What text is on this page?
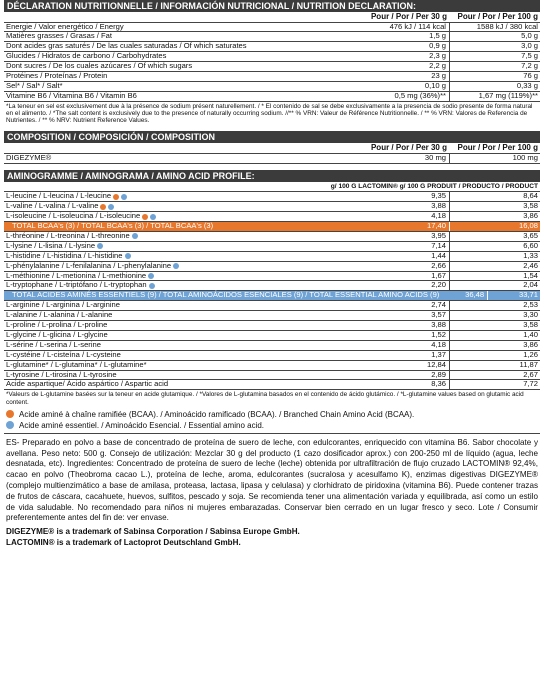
DÉCLARATION NUTRITIONNELLE / INFORMACIÓN NUTRICIONAL / NUTRITION DECLARATION:
Pour / Por / Per 30 g	Pour / Por / Per 100 g
Energie / Valor energético / Energy	476 kJ / 114 kcal	1588 kJ / 380 kcal
Matières grasses / Grasas / Fat	1,5 g	5,0 g
Dont acides gras saturés / De las cuales saturadas / Of which saturates	0,9 g	3,0 g
Glucides / Hidratos de carbono / Carbohydrates	2,3 g	7,5 g
Dont sucres / De los cuales azúcares / Of which sugars	2,2 g	7,2 g
Protéines / Proteínas / Protein	23 g	76 g
Sel* / Sal* / Salt*	0,10 g	0,33 g
Vitamine B6 / Vitamina B6 / Vitamin B6	0,5 mg (36%)**	1,67 mg (119%)**
*La teneur en sel est exclusivement due à la présence de sodium présent naturellement. / * El contenido de sal se debe exclusivamente a la presencia de sodio presente de forma natural en el alimento. / *The salt content is exclusively due to the presence of naturally occurring sodium. //** % VRN: Valeur de Référence Nutritionnelle. / ** % VRN: Valores de Referencia de Nutrientes. / ** % NRV: Nutrient Reference Values.
COMPOSITION / COMPOSICIÓN / COMPOSITION
Pour / Por / Per 30 g	Pour / Por / Per 100 g
DIGEZYME®	30 mg	100 mg
AMINOGRAMME / AMINOGRAMA / AMINO ACID PROFILE:
g/ 100 G LACTOMIN® g/ 100 G PRODUIT / PRODUCTO / PRODUCT
L-leucine / L-leucina / L-leucine	9,35	8,64
L-valine / L-valina / L-valine	3,88	3,58
L-isoleucine / L-isoleucina / L-isoleucine	4,18	3,86
TOTAL BCAA's (3) / TOTAL BCAA's (3) / TOTAL BCAA's (3)	17,40	16,08
L-thréonine / L-treonina / L-threonine	3,95	3,65
L-lysine / L-lisina / L-lysine	7,14	6,60
L-histidine / L-histidina / L-histidine	1,44	1,33
L-phénylalanine / L-fenilalanina / L-phenylalanine	2,66	2,46
L-méthionine / L-metionina / L-methionine	1,67	1,54
L-tryptophane / L-triptófano / L-tryptophan	2,20	2,04
TOTAL ACIDES AMINÉS ESSENTIELS (9) / TOTAL AMINOÁCIDOS ESENCIALES (9) / TOTAL ESSENTIAL AMINO ACIDS (9)	36,48	33,71
L-arginine / L-arginina / L-arginine	2,74	2,53
L-alanine / L-alanina / L-alanine	3,57	3,30
L-proline / L-prolina / L-proline	3,88	3,58
L-glycine / L-glicina / L-glycine	1,52	1,40
L-sérine / L-serina / L-serine	4,18	3,86
L-cystéine / L-cisteína / L-cysteine	1,37	1,26
L-glutamine* / L-glutamina* / L-glutamine*	12,84	11,87
L-tyrosine / L-tirosina / L-tyrosine	2,89	2,67
Acide aspartique/ Ácido aspártico / Aspartic acid	8,36	7,72
*Valeurs de L-glutamine basées sur la teneur en acide glutamique. / *Valores de L-glutamina basados en el contenido de ácido glutámico. / *L-glutamine values based on glutamic acid content.
Acide aminé à chaîne ramifiée (BCAA). / Aminoácido ramificado (BCAA). / Branched Chain Amino Acid (BCAA).
Acide aminé essentiel. / Aminoácido Esencial. / Essential amino acid.
ES- Preparado en polvo a base de concentrado de proteína de suero de leche, con edulcorantes, enriquecido con vitamina B6. Sabor chocolate y avellana. Peso neto: 500 g. Consejo de utilización: Mezclar 30 g del producto (1 cazo dosificador aprox.) con 200-250 ml de líquido (agua, leche desnatada, etc). Ingredientes: Concentrado de proteína de suero de leche (leche) obtenida por ultrafiltración de flujo cruzado LACTOMIN® 92,4%, cacao en polvo (Theobroma cacao L.), proteína de leche, aroma, edulcorantes (sucralosa y acesulfamo K), enzimas digestivas DIGEZYME® (complejo multienzimático a base de amilasa, proteasa, lactasa, lipasa y celulasa) y clorhidrato de piridoxina (vitamina B6). Puede contener trazas de frutos de cáscara, cacahuete, huevos, sulfitos, pescado y soja. Se recomienda tener una alimentación variada y equilibrada, así como un estilo de vida saludable. No recomendado para niños ni mujeres embarazadas. Conservar bien cerrado en un lugar fresco y seco. Lote / Consumir preferentemente antes del fin de: ver envase.
DIGEZYME® is a trademark of Sabinsa Corporation / Sabinsa Europe GmbH.
LACTOMIN® is a trademark of Lactoprot Deutschland GmbH.
